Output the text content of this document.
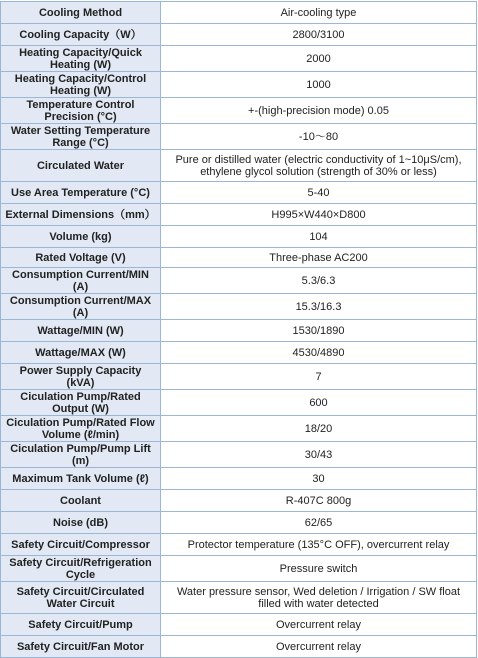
Cooling Method	Air-cooling type
Cooling Capacity（W）	2800/3100
Heating Capacity/Quick Heating (W)	2000
Heating Capacity/Control Heating (W)	1000
Temperature Control Precision (°C)	+-(high-precision mode) 0.05
Water Setting Temperature Range (°C)	-10～80
Circulated Water	Pure or distilled water (electric conductivity of 1~10μS/cm), ethylene glycol solution (strength of 30% or less)
Use Area Temperature (°C)	5-40
External Dimensions（mm）	H995×W440×D800
Volume (kg)	104
Rated Voltage (V)	Three-phase AC200
Consumption Current/MIN (A)	5.3/6.3
Consumption Current/MAX (A)	15.3/16.3
Wattage/MIN (W)	1530/1890
Wattage/MAX (W)	4530/4890
Power Supply Capacity (kVA)	7
Ciculation Pump/Rated Output (W)	600
Ciculation Pump/Rated Flow Volume (ℓ/min)	18/20
Ciculation Pump/Pump Lift (m)	30/43
Maximum Tank Volume (ℓ)	30
Coolant	R-407C 800g
Noise (dB)	62/65
Safety Circuit/Compressor	Protector temperature (135°C OFF), overcurrent relay
Safety Circuit/Refrigeration Cycle	Pressure switch
Safety Circuit/Circulated Water Circuit	Water pressure sensor, Wed deletion / Irrigation / SW float filled with water detected
Safety Circuit/Pump	Overcurrent relay
Safety Circuit/Fan Motor	Overcurrent relay
